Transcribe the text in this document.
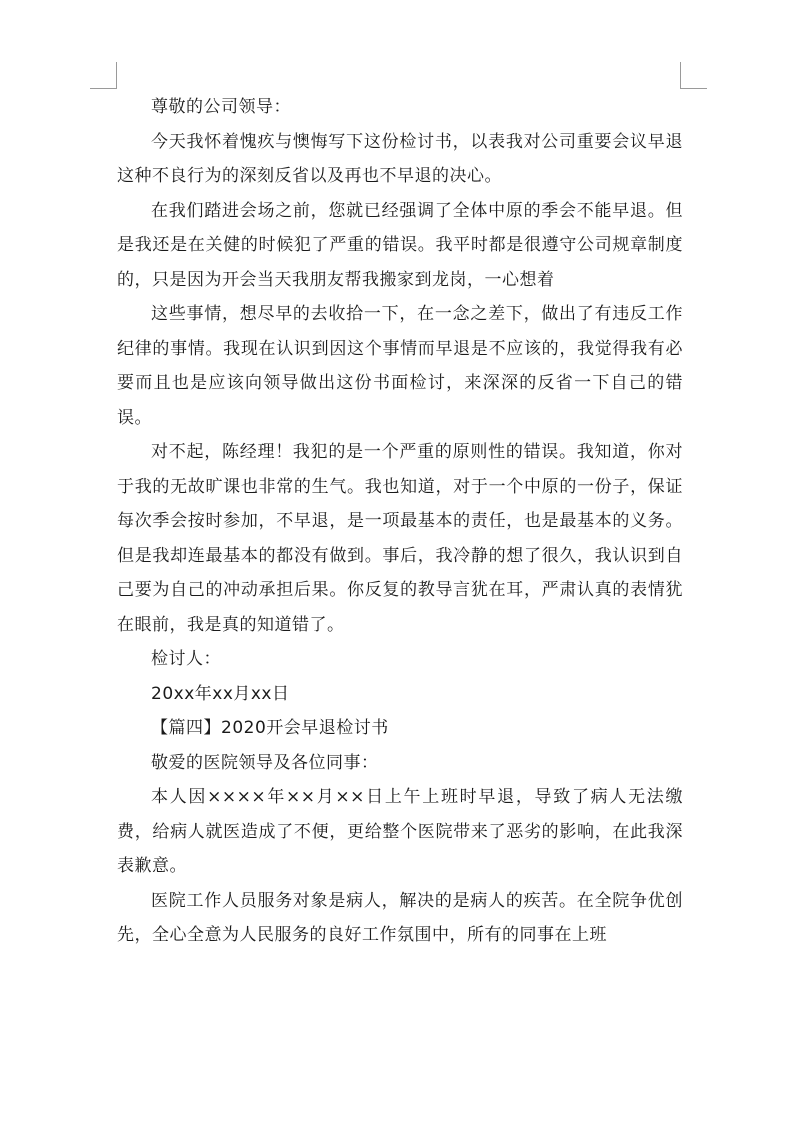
尊敬的公司领导：

今天我怀着愧疚与懊悔写下这份检讨书，以表我对公司重要会议早退这种不良行为的深刻反省以及再也不早退的决心。

在我们踏进会场之前，您就已经强调了全体中原的季会不能早退。但是我还是在关健的时候犯了严重的错误。我平时都是很遵守公司规章制度的，只是因为开会当天我朋友帮我搬家到龙岗，一心想着

这些事情，想尽早的去收拾一下，在一念之差下，做出了有违反工作纪律的事情。我现在认识到因这个事情而早退是不应该的，我觉得我有必要而且也是应该向领导做出这份书面检讨，来深深的反省一下自己的错误。

对不起，陈经理！我犯的是一个严重的原则性的错误。我知道，你对于我的无故旷课也非常的生气。我也知道，对于一个中原的一份子，保证每次季会按时参加，不早退，是一项最基本的责任，也是最基本的义务。但是我却连最基本的都没有做到。事后，我冷静的想了很久，我认识到自己要为自己的冲动承担后果。你反复的教导言犹在耳，严肃认真的表情犹在眼前，我是真的知道错了。

检讨人：

20xx年xx月xx日

【篇四】2020开会早退检讨书

敬爱的医院领导及各位同事：

本人因××××年××月××日上午上班时早退，导致了病人无法缴费，给病人就医造成了不便，更给整个医院带来了恶劣的影响，在此我深表歉意。

医院工作人员服务对象是病人，解决的是病人的疾苦。在全院争优创先，全心全意为人民服务的良好工作氛围中，所有的同事在上班
